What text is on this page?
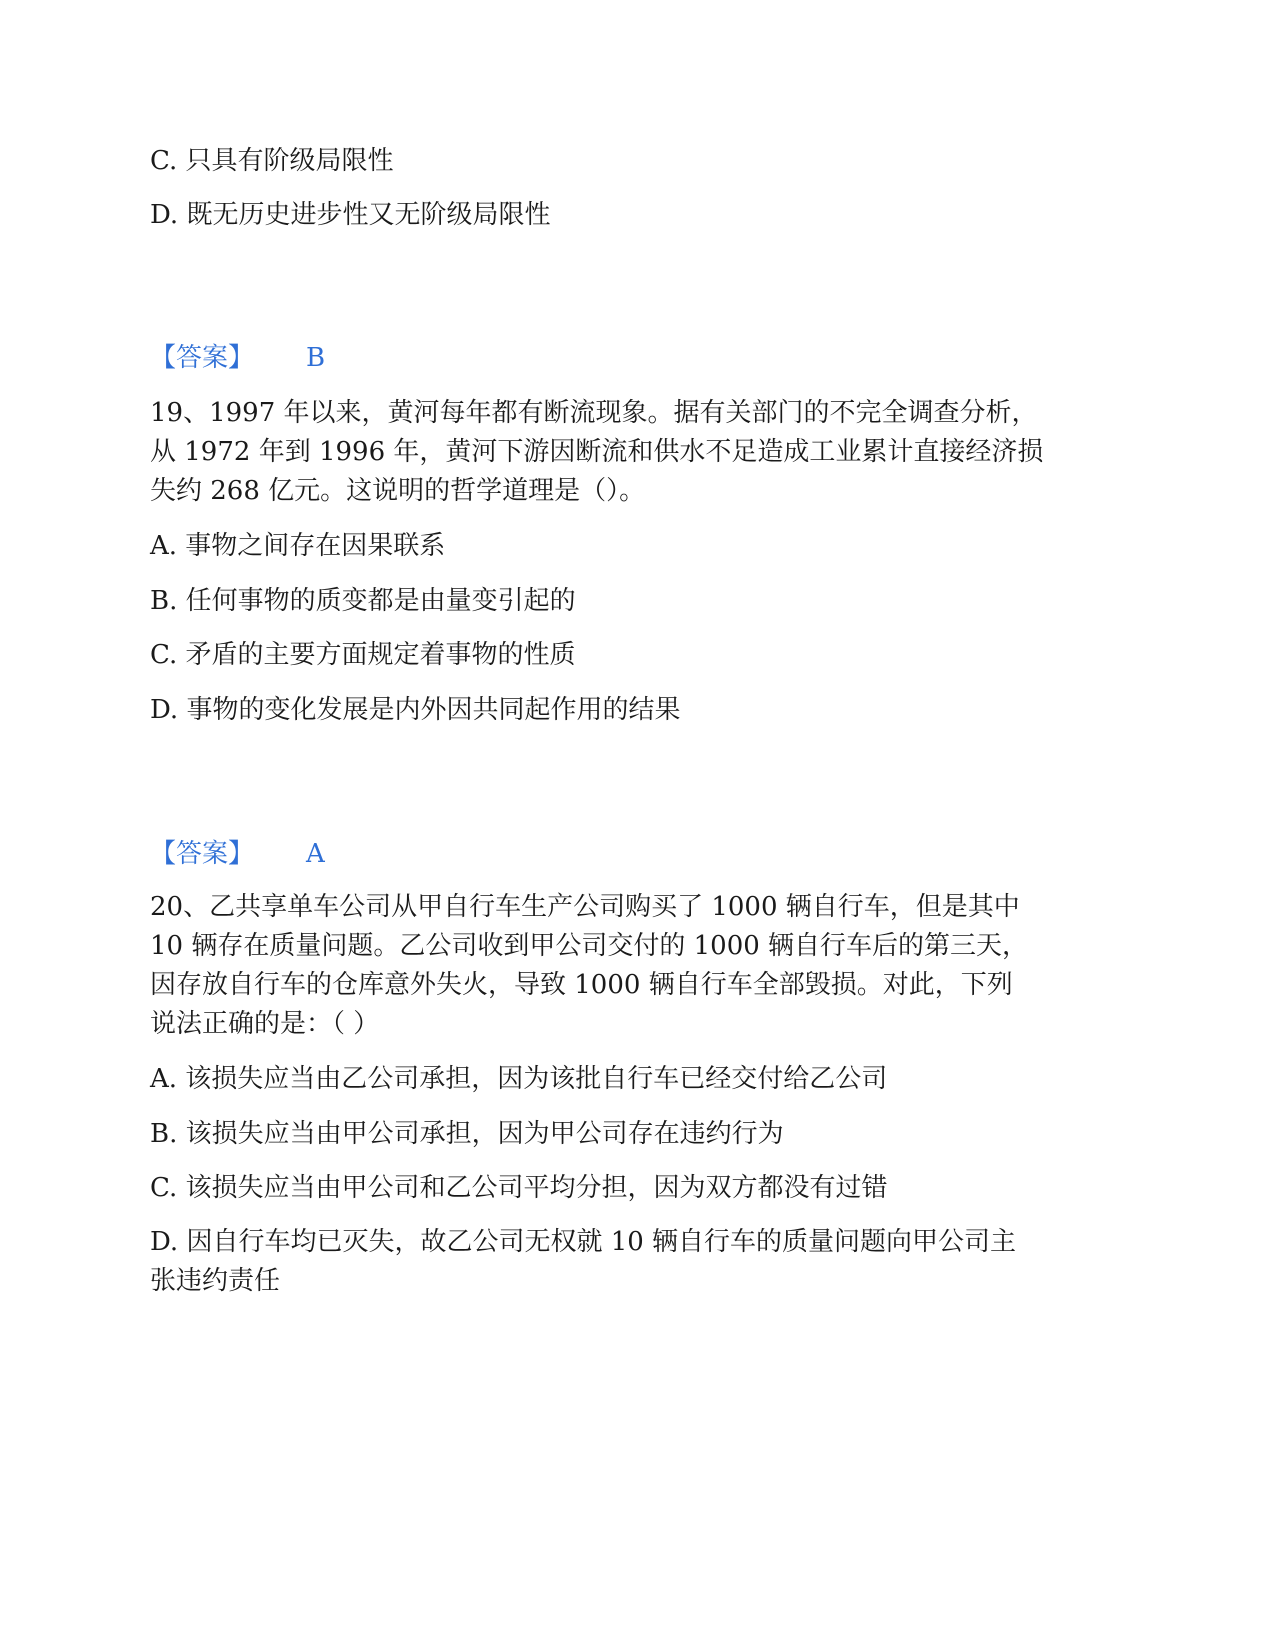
C. 只具有阶级局限性
D. 既无历史进步性又无阶级局限性
【答案】 B
19、1997 年以来，黄河每年都有断流现象。据有关部门的不完全调查分析，
从 1972 年到 1996 年，黄河下游因断流和供水不足造成工业累计直接经济损
失约 268 亿元。这说明的哲学道理是（）。
A. 事物之间存在因果联系
B. 任何事物的质变都是由量变引起的
C. 矛盾的主要方面规定着事物的性质
D. 事物的变化发展是内外因共同起作用的结果
【答案】 A
20、乙共享单车公司从甲自行车生产公司购买了 1000 辆自行车，但是其中
10 辆存在质量问题。乙公司收到甲公司交付的 1000 辆自行车后的第三天，
因存放自行车的仓库意外失火，导致 1000 辆自行车全部毁损。对此，下列
说法正确的是：（ ）
A. 该损失应当由乙公司承担，因为该批自行车已经交付给乙公司
B. 该损失应当由甲公司承担，因为甲公司存在违约行为
C. 该损失应当由甲公司和乙公司平均分担，因为双方都没有过错
D. 因自行车均已灭失，故乙公司无权就 10 辆自行车的质量问题向甲公司主
张违约责任
